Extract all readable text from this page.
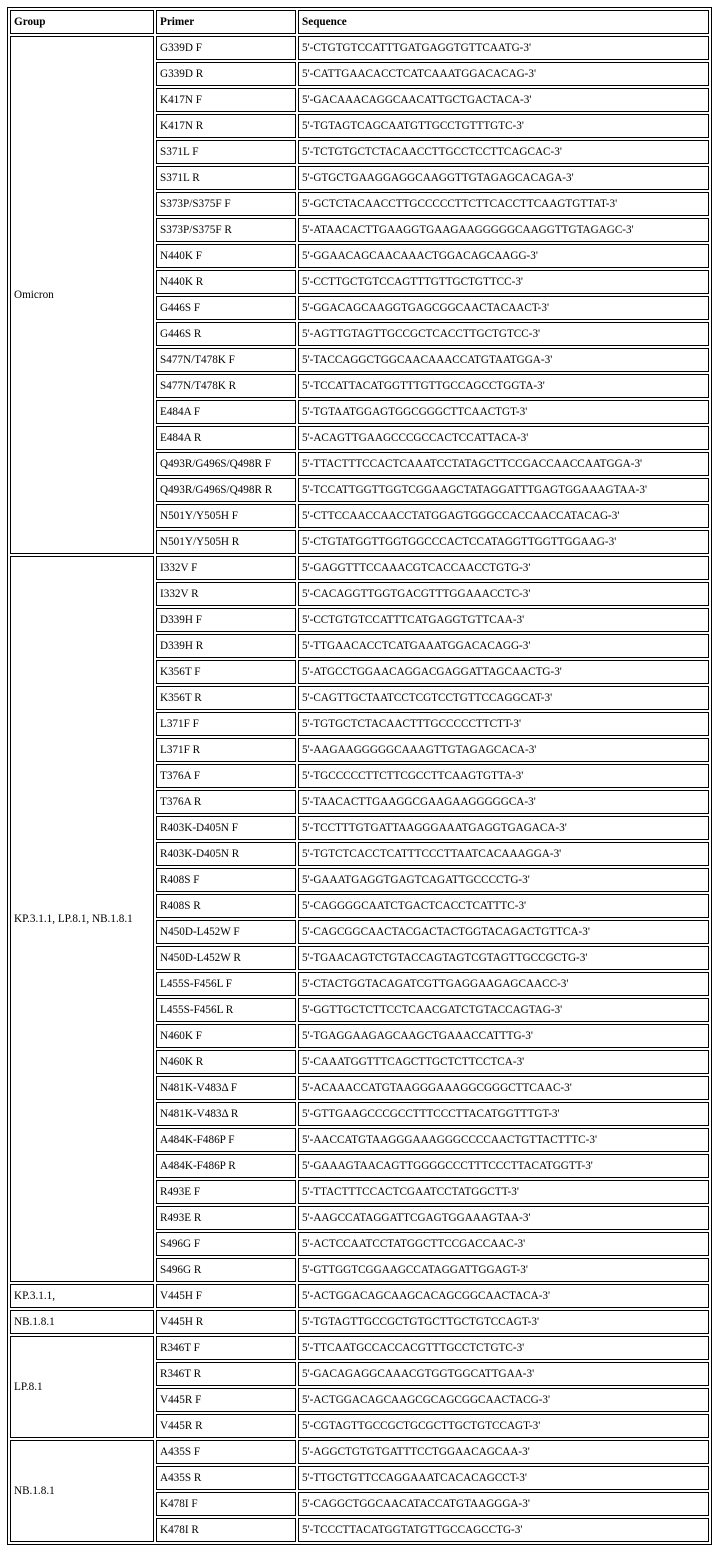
Group	Primer	Sequence
Omicron	G339D F	5'-CTGTGTCCATTTGATGAGGTGTTCAATG-3'
	G339D R	5'-CATTGAACACCTCATCAAATGGACACAG-3'
	K417N F	5'-GACAAACAGGCAACATTGCTGACTACA-3'
	K417N R	5'-TGTAGTCAGCAATGTTGCCTGTTTGTC-3'
	S371L F	5'-TCTGTGCTCTACAACCTTGCCTCCTTCAGCAC-3'
	S371L R	5'-GTGCTGAAGGAGGCAAGGTTGTAGAGCACAGA-3'
	S373P/S375F F	5'-GCTCTACAACCTTGCCCCCTTCTTCACCTTCAAGTGTTAT-3'
	S373P/S375F R	5'-ATAACACTTGAAGGTGAAGAAGGGGGCAAGGTTGTAGAGC-3'
	N440K F	5'-GGAACAGCAACAAACTGGACAGCAAGG-3'
	N440K R	5'-CCTTGCTGTCCAGTTTGTTGCTGTTCC-3'
	G446S F	5'-GGACAGCAAGGTGAGCGGCAACTACAACT-3'
	G446S R	5'-AGTTGTAGTTGCCGCTCACCTTGCTGTCC-3'
	S477N/T478K F	5'-TACCAGGCTGGCAACAAACCATGTAATGGA-3'
	S477N/T478K R	5'-TCCATTACATGGTTTGTTGCCAGCCTGGTA-3'
	E484A F	5'-TGTAATGGAGTGGCGGGCTTCAACTGT-3'
	E484A R	5'-ACAGTTGAAGCCCGCCACTCCATTACA-3'
	Q493R/G496S/Q498R F	5'-TTACTTTCCACTCAAATCCTATAGCTTCCGACCAACCAATGGA-3'
	Q493R/G496S/Q498R R	5'-TCCATTGGTTGGTCGGAAGCTATAGGATTTGAGTGGAAAGTAA-3'
	N501Y/Y505H F	5'-CTTCCAACCAACCTATGGAGTGGGCCACCAACCATACAG-3'
	N501Y/Y505H R	5'-CTGTATGGTTGGTGGCCCACTCCATAGGTTGGTTGGAAG-3'
KP.3.1.1, LP.8.1, NB.1.8.1	I332V F	5'-GAGGTTTCCAAACGTCACCAACCTGTG-3'
	I332V R	5'-CACAGGTTGGTGACGTTTGGAAACCTC-3'
	D339H F	5'-CCTGTGTCCATTTCATGAGGTGTTCAA-3'
	D339H R	5'-TTGAACACCTCATGAAATGGACACAGG-3'
	K356T F	5'-ATGCCTGGAACAGGACGAGGATTAGCAACTG-3'
	K356T R	5'-CAGTTGCTAATCCTCGTCCTGTTCCAGGCAT-3'
	L371F F	5'-TGTGCTCTACAACTTTGCCCCCTTCTT-3'
	L371F R	5'-AAGAAGGGGGCAAAGTTGTAGAGCACA-3'
	T376A F	5'-TGCCCCCTTCTTCGCCTTCAAGTGTTA-3'
	T376A R	5'-TAACACTTGAAGGCGAAGAAGGGGGCA-3'
	R403K-D405N F	5'-TCCTTTGTGATTAAGGGAAATGAGGTGAGACA-3'
	R403K-D405N R	5'-TGTCTCACCTCATTTCCCTTAATCACAAAGGA-3'
	R408S F	5'-GAAATGAGGTGAGTCAGATTGCCCCTG-3'
	R408S R	5'-CAGGGGCAATCTGACTCACCTCATTTC-3'
	N450D-L452W F	5'-CAGCGGCAACTACGACTACTGGTACAGACTGTTCA-3'
	N450D-L452W R	5'-TGAACAGTCTGTACCAGTAGTCGTAGTTGCCGCTG-3'
	L455S-F456L F	5'-CTACTGGTACAGATCGTTGAGGAAGAGCAACC-3'
	L455S-F456L R	5'-GGTTGCTCTTCCTCAACGATCTGTACCAGTAG-3'
	N460K F	5'-TGAGGAAGAGCAAGCTGAAACCATTTG-3'
	N460K R	5'-CAAATGGTTTCAGCTTGCTCTTCCTCA-3'
	N481K-V483Δ F	5'-ACAAACCATGTAAGGGAAAGGCGGGCTTCAAC-3'
	N481K-V483Δ R	5'-GTTGAAGCCCGCCTTTCCCTTACATGGTTTGT-3'
	A484K-F486P F	5'-AACCATGTAAGGGAAAGGGCCCCAACTGTTACTTTC-3'
	A484K-F486P R	5'-GAAAGTAACAGTTGGGGCCCTTTCCCTTACATGGTT-3'
	R493E F	5'-TTACTTTCCACTCGAATCCTATGGCTT-3'
	R493E R	5'-AAGCCATAGGATTCGAGTGGAAAGTAA-3'
	S496G F	5'-ACTCCAATCCTATGGCTTCCGACCAAC-3'
	S496G R	5'-GTTGGTCGGAAGCCATAGGATTGGAGT-3'
KP.3.1.1,	V445H F	5'-ACTGGACAGCAAGCACAGCGGCAACTACA-3'
NB.1.8.1	V445H R	5'-TGTAGTTGCCGCTGTGCTTGCTGTCCAGT-3'
LP.8.1	R346T F	5'-TTCAATGCCACCACGTTTGCCTCTGTC-3'
	R346T R	5'-GACAGAGGCAAACGTGGTGGCATTGAA-3'
	V445R F	5'-ACTGGACAGCAAGCGCAGCGGCAACTACG-3'
	V445R R	5'-CGTAGTTGCCGCTGCGCTTGCTGTCCAGT-3'
NB.1.8.1	A435S F	5'-AGGCTGTGTGATTTCCTGGAACAGCAA-3'
	A435S R	5'-TTGCTGTTCCAGGAAATCACACAGCCT-3'
	K478I F	5'-CAGGCTGGCAACATACCATGTAAGGGA-3'
	K478I R	5'-TCCCTTACATGGTATGTTGCCAGCCTG-3'
